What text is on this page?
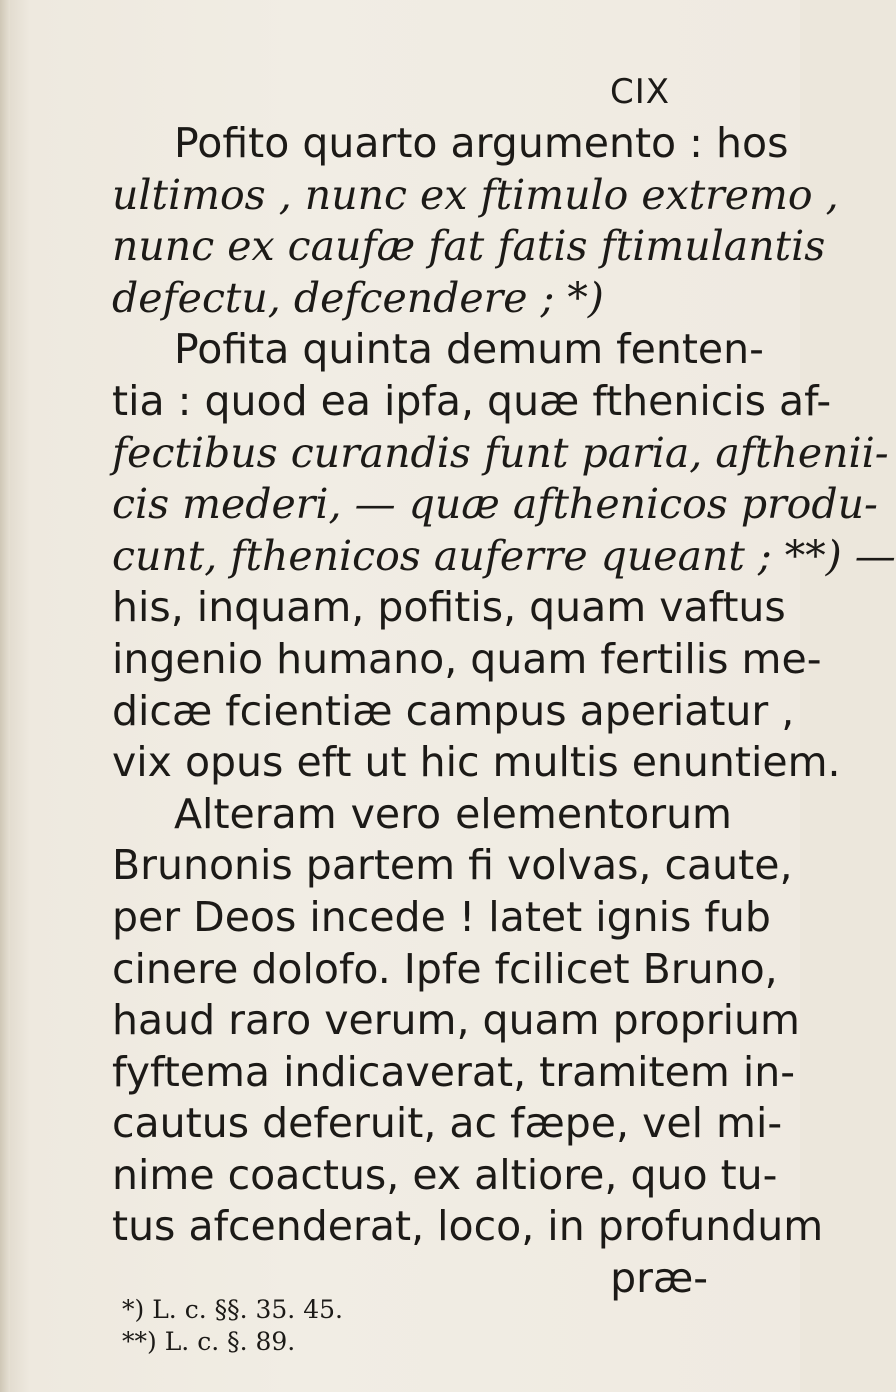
CIX
Pofito quarto argumento : hos
ultimos , nunc ex ftimulo extremo ,
nunc ex caufæ fat fatis ftimulantis
defectu, defcendere ; *)
Pofita quinta demum fenten-
tia : quod ea ipfa, quæ fthenicis af-
fectibus curandis funt paria, afthenii-
cis mederi, — quæ afthenicos produ-
cunt, fthenicos auferre queant ; **) —
his, inquam, pofitis, quam vaftus
ingenio humano, quam fertilis me-
dicæ fcientiæ campus aperiatur ,
vix opus eft ut hic multis enuntiem.
Alteram vero elementorum
Brunonis partem fi volvas, caute,
per Deos incede ! latet ignis fub
cinere dolofo. Ipfe fcilicet Bruno,
haud raro verum, quam proprium
fyftema indicaverat, tramitem in-
cautus deferuit, ac fæpe, vel mi-
nime coactus, ex altiore, quo tu-
tus afcenderat, loco, in profundum
præ-
*) L. c. §§. 35. 45.
**) L. c. §. 89.
